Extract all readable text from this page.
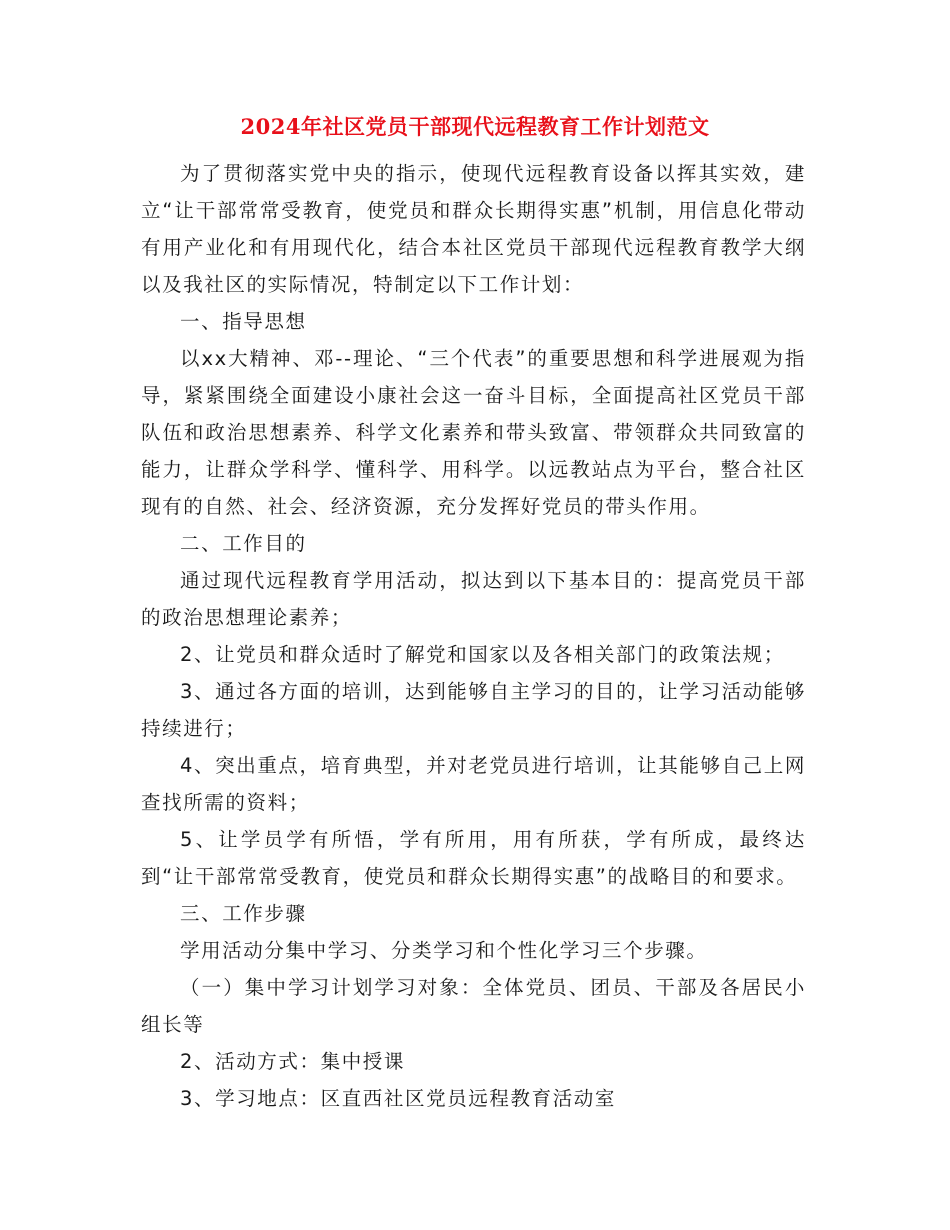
2024年社区党员干部现代远程教育工作计划范文

为了贯彻落实党中央的指示，使现代远程教育设备以挥其实效，建立“让干部常常受教育，使党员和群众长期得实惠”机制，用信息化带动有用产业化和有用现代化，结合本社区党员干部现代远程教育教学大纲以及我社区的实际情况，特制定以下工作计划：

一、指导思想

以xx大精神、邓--理论、“三个代表”的重要思想和科学进展观为指导，紧紧围绕全面建设小康社会这一奋斗目标，全面提高社区党员干部队伍和政治思想素养、科学文化素养和带头致富、带领群众共同致富的能力，让群众学科学、懂科学、用科学。以远教站点为平台，整合社区现有的自然、社会、经济资源，充分发挥好党员的带头作用。

二、工作目的

通过现代远程教育学用活动，拟达到以下基本目的：提高党员干部的政治思想理论素养；

2、让党员和群众适时了解党和国家以及各相关部门的政策法规；

3、通过各方面的培训，达到能够自主学习的目的，让学习活动能够持续进行；

4、突出重点，培育典型，并对老党员进行培训，让其能够自己上网查找所需的资料；

5、让学员学有所悟，学有所用，用有所获，学有所成，最终达到“让干部常常受教育，使党员和群众长期得实惠”的战略目的和要求。

三、工作步骤

学用活动分集中学习、分类学习和个性化学习三个步骤。

（一）集中学习计划学习对象：全体党员、团员、干部及各居民小组长等

2、活动方式：集中授课

3、学习地点：区直西社区党员远程教育活动室
